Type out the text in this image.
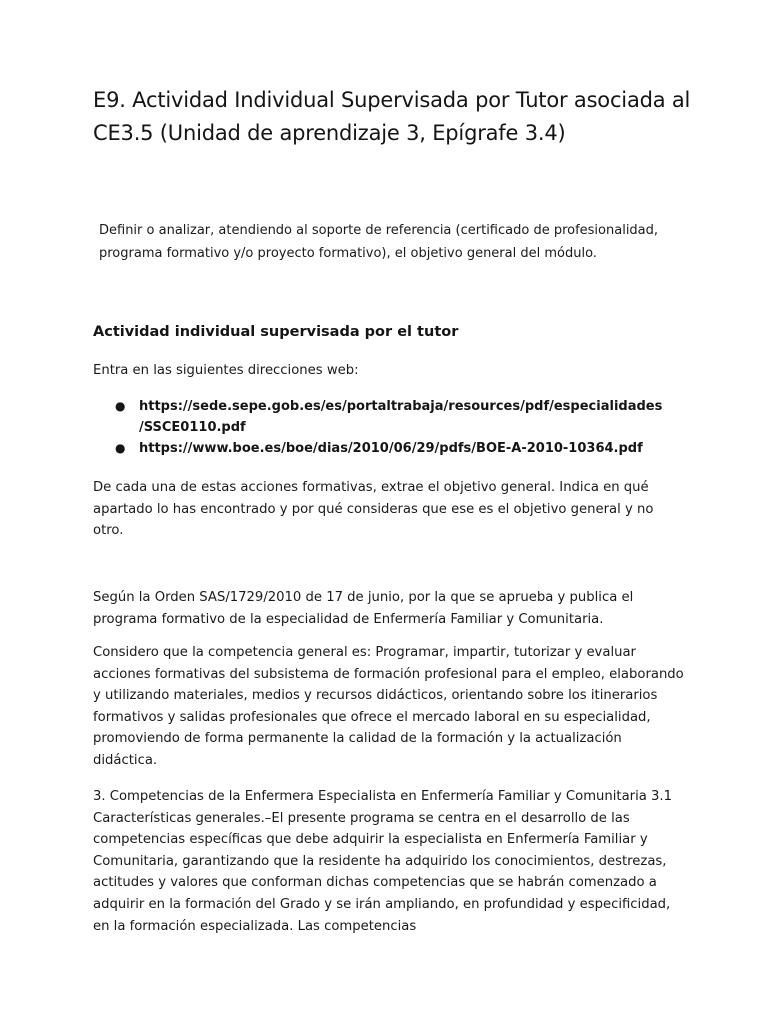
E9. Actividad Individual Supervisada por Tutor asociada al CE3.5 (Unidad de aprendizaje 3, Epígrafe 3.4)

Definir o analizar, atendiendo al soporte de referencia (certificado de profesionalidad, programa formativo y/o proyecto formativo), el objetivo general del módulo.

Actividad individual supervisada por el tutor

Entra en las siguientes direcciones web:

● https://sede.sepe.gob.es/es/portaltrabaja/resources/pdf/especialidades
/SSCE0110.pdf
● https://www.boe.es/boe/dias/2010/06/29/pdfs/BOE-A-2010-10364.pdf

De cada una de estas acciones formativas, extrae el objetivo general. Indica en qué apartado lo has encontrado y por qué consideras que ese es el objetivo general y no otro.

Según la Orden SAS/1729/2010 de 17 de junio, por la que se aprueba y publica el programa formativo de la especialidad de Enfermería Familiar y Comunitaria.

Considero que la competencia general es: Programar, impartir, tutorizar y evaluar acciones formativas del subsistema de formación profesional para el empleo, elaborando y utilizando materiales, medios y recursos didácticos, orientando sobre los itinerarios formativos y salidas profesionales que ofrece el mercado laboral en su especialidad, promoviendo de forma permanente la calidad de la formación y la actualización didáctica.

3. Competencias de la Enfermera Especialista en Enfermería Familiar y Comunitaria 3.1 Características generales.–El presente programa se centra en el desarrollo de las competencias específicas que debe adquirir la especialista en Enfermería Familiar y Comunitaria, garantizando que la residente ha adquirido los conocimientos, destrezas, actitudes y valores que conforman dichas competencias que se habrán comenzado a adquirir en la formación del Grado y se irán ampliando, en profundidad y especificidad, en la formación especializada. Las competencias
